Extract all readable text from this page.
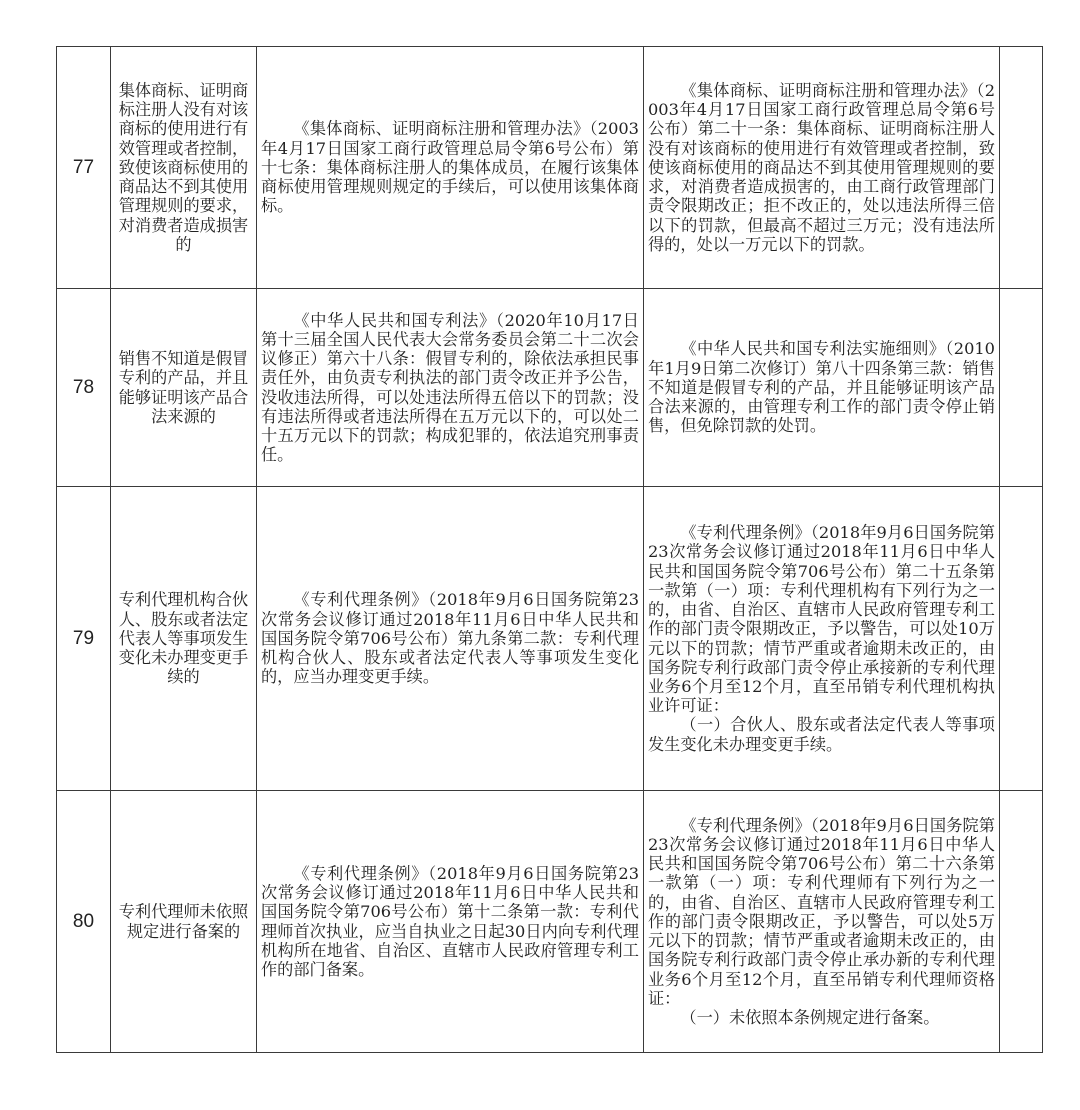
77	集体商标、证明商标注册人没有对该商标的使用进行有效管理或者控制，致使该商标使用的商品达不到其使用管理规则的要求，对消费者造成损害的	《集体商标、证明商标注册和管理办法》（2003年4月17日国家工商行政管理总局令第6号公布）第十七条：集体商标注册人的集体成员，在履行该集体商标使用管理规则规定的手续后，可以使用该集体商标。	《集体商标、证明商标注册和管理办法》（2003年4月17日国家工商行政管理总局令第6号公布）第二十一条：集体商标、证明商标注册人没有对该商标的使用进行有效管理或者控制，致使该商标使用的商品达不到其使用管理规则的要求，对消费者造成损害的，由工商行政管理部门责令限期改正；拒不改正的，处以违法所得三倍以下的罚款，但最高不超过三万元；没有违法所得的，处以一万元以下的罚款。	

78	销售不知道是假冒专利的产品，并且能够证明该产品合法来源的	《中华人民共和国专利法》（2020年10月17日第十三届全国人民代表大会常务委员会第二十二次会议修正）第六十八条：假冒专利的，除依法承担民事责任外，由负责专利执法的部门责令改正并予公告，没收违法所得，可以处违法所得五倍以下的罚款；没有违法所得或者违法所得在五万元以下的，可以处二十五万元以下的罚款；构成犯罪的，依法追究刑事责任。	《中华人民共和国专利法实施细则》（2010年1月9日第二次修订）第八十四条第三款：销售不知道是假冒专利的产品，并且能够证明该产品合法来源的，由管理专利工作的部门责令停止销售，但免除罚款的处罚。	

79	专利代理机构合伙人、股东或者法定代表人等事项发生变化未办理变更手续的	《专利代理条例》（2018年9月6日国务院第23次常务会议修订通过2018年11月6日中华人民共和国国务院令第706号公布）第九条第二款：专利代理机构合伙人、股东或者法定代表人等事项发生变化的，应当办理变更手续。	《专利代理条例》（2018年9月6日国务院第23次常务会议修订通过2018年11月6日中华人民共和国国务院令第706号公布）第二十五条第一款第（一）项：专利代理机构有下列行为之一的，由省、自治区、直辖市人民政府管理专利工作的部门责令限期改正，予以警告，可以处10万元以下的罚款；情节严重或者逾期未改正的，由国务院专利行政部门责令停止承接新的专利代理业务6个月至12个月，直至吊销专利代理机构执业许可证：
（一）合伙人、股东或者法定代表人等事项发生变化未办理变更手续。	

80	专利代理师未依照规定进行备案的	《专利代理条例》（2018年9月6日国务院第23次常务会议修订通过2018年11月6日中华人民共和国国务院令第706号公布）第十二条第一款：专利代理师首次执业，应当自执业之日起30日内向专利代理机构所在地省、自治区、直辖市人民政府管理专利工作的部门备案。	《专利代理条例》（2018年9月6日国务院第23次常务会议修订通过2018年11月6日中华人民共和国国务院令第706号公布）第二十六条第一款第（一）项：专利代理师有下列行为之一的，由省、自治区、直辖市人民政府管理专利工作的部门责令限期改正，予以警告，可以处5万元以下的罚款；情节严重或者逾期未改正的，由国务院专利行政部门责令停止承办新的专利代理业务6个月至12个月，直至吊销专利代理师资格证：
（一）未依照本条例规定进行备案。	
